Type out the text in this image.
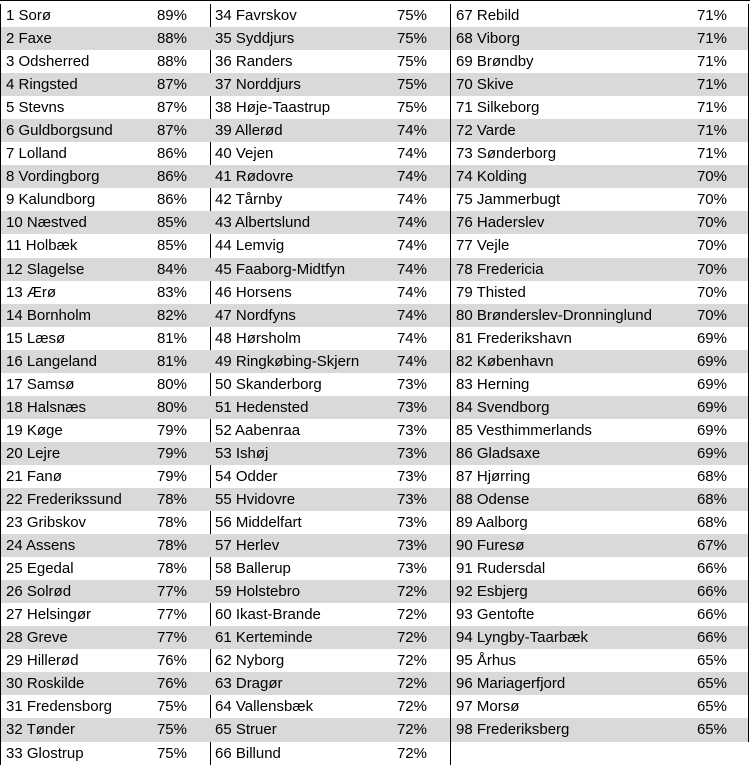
1 Sorø	89%
2 Faxe	88%
3 Odsherred	88%
4 Ringsted	87%
5 Stevns	87%
6 Guldborgsund	87%
7 Lolland	86%
8 Vordingborg	86%
9 Kalundborg	86%
10 Næstved	85%
11 Holbæk	85%
12 Slagelse	84%
13 Ærø	83%
14 Bornholm	82%
15 Læsø	81%
16 Langeland	81%
17 Samsø	80%
18 Halsnæs	80%
19 Køge	79%
20 Lejre	79%
21 Fanø	79%
22 Frederikssund 78%
23 Gribskov	78%
24 Assens	78%
25 Egedal	78%
26 Solrød	77%
27 Helsingør	77%
28 Greve	77%
29 Hillerød	76%
30 Roskilde	76%
31 Fredensborg	75%
32 Tønder	75%
33 Glostrup	75%
34 Favrskov	75%
35 Syddjurs	75%
36 Randers	75%
37 Norddjurs	75%
38 Høje-Taastrup	75%
39 Allerød	74%
40 Vejen	74%
41 Rødovre	74%
42 Tårnby	74%
43 Albertslund	74%
44 Lemvig	74%
45 Faaborg-Midtfyn	74%
46 Horsens	74%
47 Nordfyns	74%
48 Hørsholm	74%
49 Ringkøbing-Skjern	74%
50 Skanderborg	73%
51 Hedensted	73%
52 Aabenraa	73%
53 Ishøj	73%
54 Odder	73%
55 Hvidovre	73%
56 Middelfart	73%
57 Herlev	73%
58 Ballerup	73%
59 Holstebro	72%
60 Ikast-Brande	72%
61 Kerteminde	72%
62 Nyborg	72%
63 Dragør	72%
64 Vallensbæk	72%
65 Struer	72%
66 Billund	72%
67 Rebild	71%
68 Viborg	71%
69 Brøndby	71%
70 Skive	71%
71 Silkeborg	71%
72 Varde	71%
73 Sønderborg	71%
74 Kolding	70%
75 Jammerbugt	70%
76 Haderslev	70%
77 Vejle	70%
78 Fredericia	70%
79 Thisted	70%
80 Brønderslev-Dronninglund	70%
81 Frederikshavn	69%
82 København	69%
83 Herning	69%
84 Svendborg	69%
85 Vesthimmerlands	69%
86 Gladsaxe	69%
87 Hjørring	68%
88 Odense	68%
89 Aalborg	68%
90 Furesø	67%
91 Rudersdal	66%
92 Esbjerg	66%
93 Gentofte	66%
94 Lyngby-Taarbæk	66%
95 Århus	65%
96 Mariagerfjord	65%
97 Morsø	65%
98 Frederiksberg	65%
